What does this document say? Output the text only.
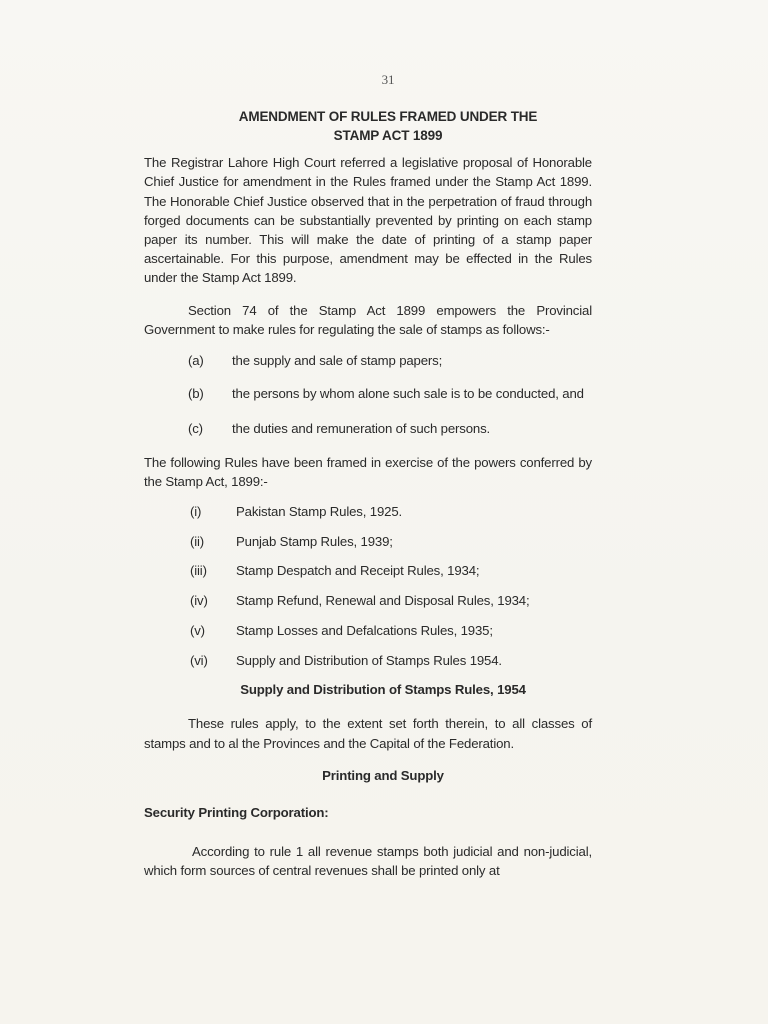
31
AMENDMENT OF RULES FRAMED UNDER THE
STAMP ACT 1899

The Registrar Lahore High Court referred a legislative proposal of Honorable Chief Justice for amendment in the Rules framed under the Stamp Act 1899. The Honorable Chief Justice observed that in the perpetration of fraud through forged documents can be substantially prevented by printing on each stamp paper its number. This will make the date of printing of a stamp paper ascertainable. For this purpose, amendment may be effected in the Rules under the Stamp Act 1899.

Section 74 of the Stamp Act 1899 empowers the Provincial Government to make rules for regulating the sale of stamps as follows:-

(a)	the supply and sale of stamp papers;
(b)	the persons by whom alone such sale is to be conducted, and
(c)	the duties and remuneration of such persons.

The following Rules have been framed in exercise of the powers conferred by the Stamp Act, 1899:-

(i)	Pakistan Stamp Rules, 1925.
(ii)	Punjab Stamp Rules, 1939;
(iii)	Stamp Despatch and Receipt Rules, 1934;
(iv)	Stamp Refund, Renewal and Disposal Rules, 1934;
(v)	Stamp Losses and Defalcations Rules, 1935;
(vi)	Supply and Distribution of Stamps Rules 1954.
Supply and Distribution of Stamps Rules, 1954

These rules apply, to the extent set forth therein, to all classes of stamps and to al the Provinces and the Capital of the Federation.

Printing and Supply
Security Printing Corporation:

According to rule 1 all revenue stamps both judicial and non-judicial, which form sources of central revenues shall be printed only at
